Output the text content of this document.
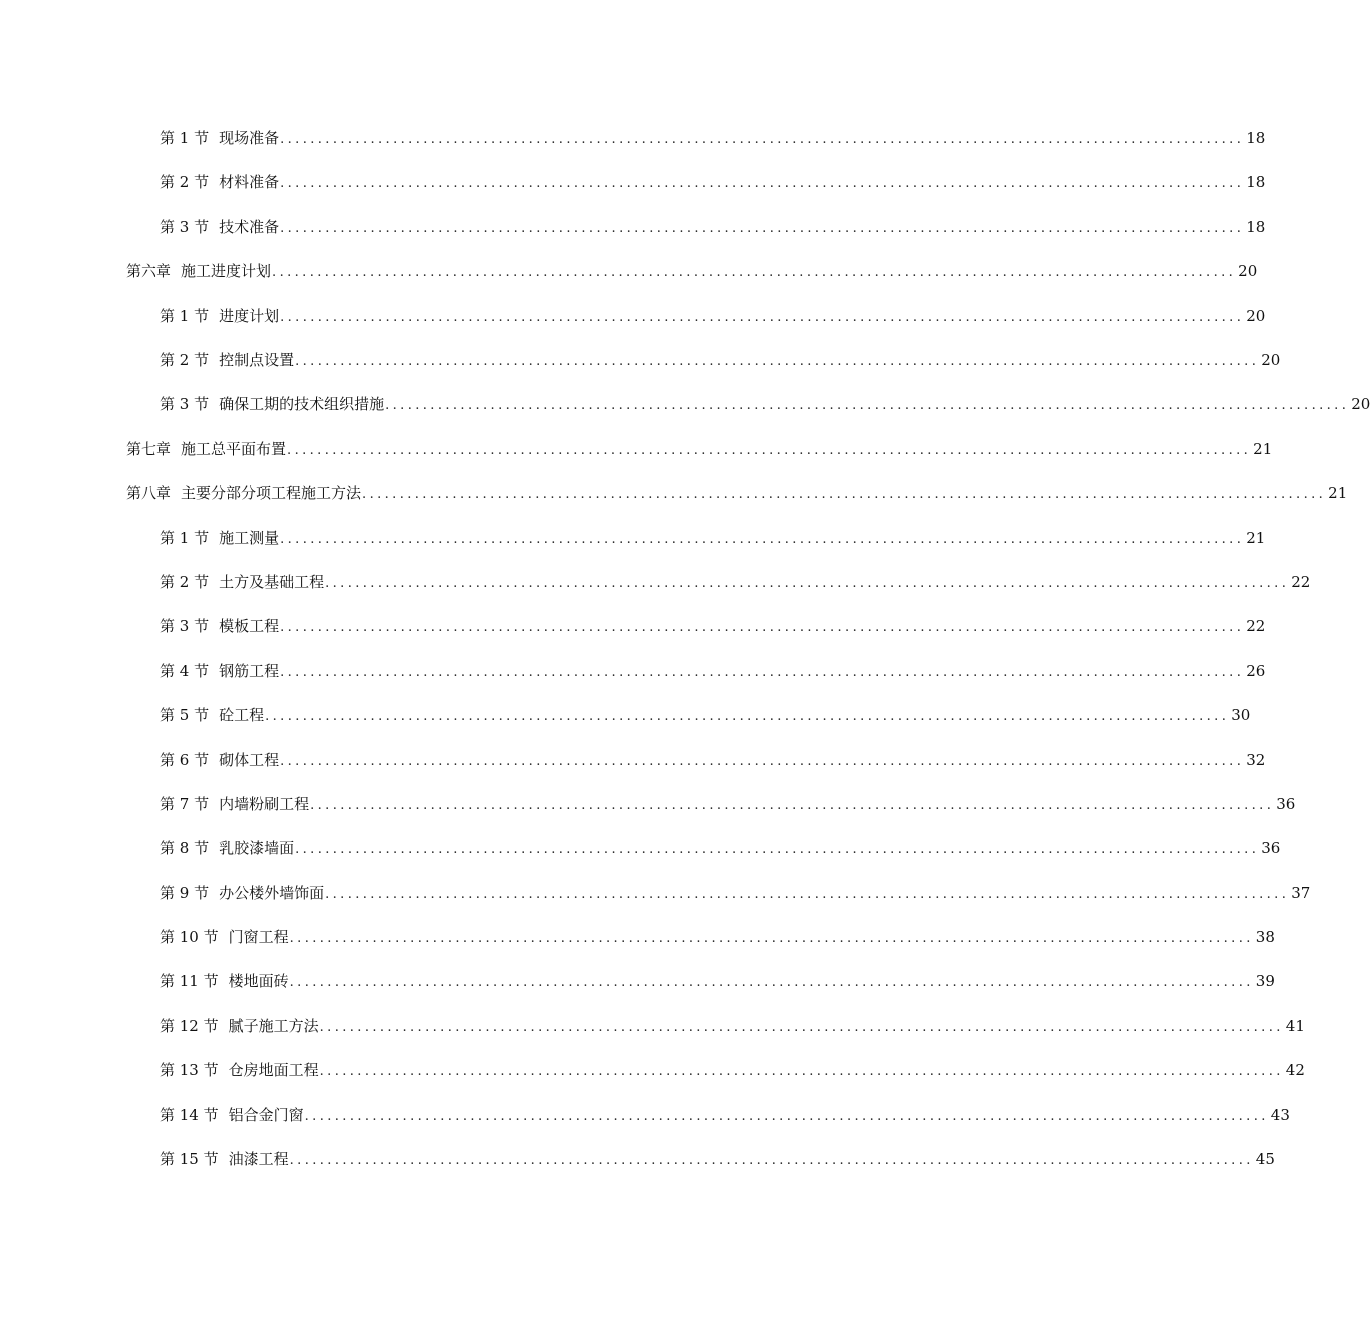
第 1 节 现场准备 ................................................................................................................................ 18
第 2 节 材料准备 ................................................................................................................................ 18
第 3 节 技术准备 ................................................................................................................................ 18
第六章 施工进度计划 ................................................................................................................................ 20
第 1 节 进度计划 ................................................................................................................................ 20
第 2 节 控制点设置 ................................................................................................................................ 20
第 3 节 确保工期的技术组织措施 ................................................................................................................................ 20
第七章 施工总平面布置 ................................................................................................................................ 21
第八章 主要分部分项工程施工方法 ................................................................................................................................ 21
第 1 节 施工测量 ................................................................................................................................ 21
第 2 节 土方及基础工程 ................................................................................................................................ 22
第 3 节 模板工程 ................................................................................................................................ 22
第 4 节 钢筋工程 ................................................................................................................................ 26
第 5 节 砼工程 ................................................................................................................................ 30
第 6 节 砌体工程 ................................................................................................................................ 32
第 7 节 内墙粉刷工程 ................................................................................................................................ 36
第 8 节 乳胶漆墙面 ................................................................................................................................ 36
第 9 节 办公楼外墙饰面 ................................................................................................................................ 37
第 10 节 门窗工程 ................................................................................................................................ 38
第 11 节 楼地面砖 ................................................................................................................................ 39
第 12 节 腻子施工方法 ................................................................................................................................ 41
第 13 节 仓房地面工程 ................................................................................................................................ 42
第 14 节 铝合金门窗 ................................................................................................................................ 43
第 15 节 油漆工程 ................................................................................................................................ 45
